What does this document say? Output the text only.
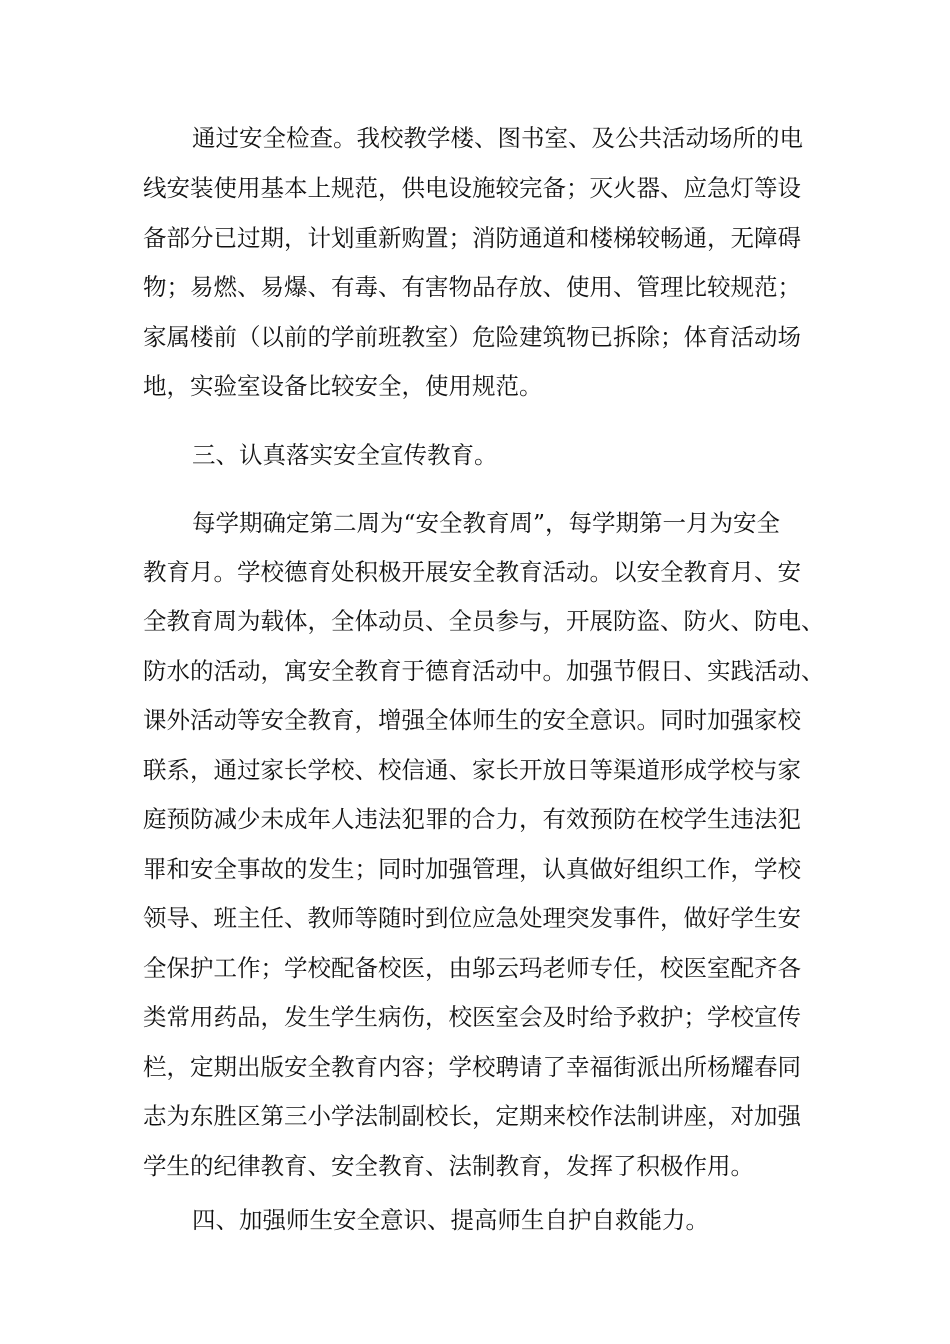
通过安全检查。我校教学楼、图书室、及公共活动场所的电
线安装使用基本上规范，供电设施较完备；灭火器、应急灯等设
备部分已过期，计划重新购置；消防通道和楼梯较畅通，无障碍
物；易燃、易爆、有毒、有害物品存放、使用、管理比较规范；
家属楼前（以前的学前班教室）危险建筑物已拆除；体育活动场
地，实验室设备比较安全，使用规范。
三、认真落实安全宣传教育。
每学期确定第二周为“安全教育周”，每学期第一月为安全
教育月。学校德育处积极开展安全教育活动。以安全教育月、安
全教育周为载体，全体动员、全员参与，开展防盗、防火、防电、
防水的活动，寓安全教育于德育活动中。加强节假日、实践活动、
课外活动等安全教育，增强全体师生的安全意识。同时加强家校
联系，通过家长学校、校信通、家长开放日等渠道形成学校与家
庭预防减少未成年人违法犯罪的合力，有效预防在校学生违法犯
罪和安全事故的发生；同时加强管理，认真做好组织工作，学校
领导、班主任、教师等随时到位应急处理突发事件，做好学生安
全保护工作；学校配备校医，由邬云玛老师专任，校医室配齐各
类常用药品，发生学生病伤，校医室会及时给予救护；学校宣传
栏，定期出版安全教育内容；学校聘请了幸福街派出所杨耀春同
志为东胜区第三小学法制副校长，定期来校作法制讲座，对加强
学生的纪律教育、安全教育、法制教育，发挥了积极作用。
四、加强师生安全意识、提高师生自护自救能力。
